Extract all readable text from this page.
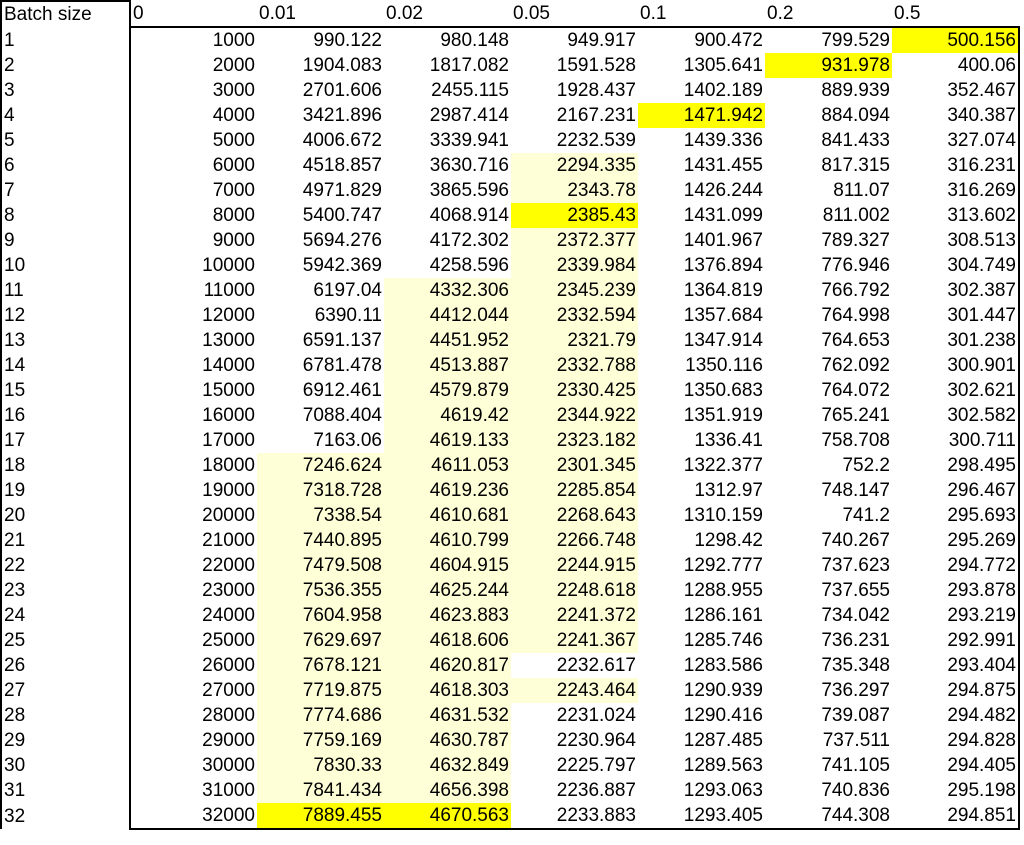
Batch size	0	0.01	0.02	0.05	0.1	0.2	0.5
1	1000	990.122	980.148	949.917	900.472	799.529	500.156
2	2000	1904.083	1817.082	1591.528	1305.641	931.978	400.06
3	3000	2701.606	2455.115	1928.437	1402.189	889.939	352.467
4	4000	3421.896	2987.414	2167.231	1471.942	884.094	340.387
5	5000	4006.672	3339.941	2232.539	1439.336	841.433	327.074
6	6000	4518.857	3630.716	2294.335	1431.455	817.315	316.231
7	7000	4971.829	3865.596	2343.78	1426.244	811.07	316.269
8	8000	5400.747	4068.914	2385.43	1431.099	811.002	313.602
9	9000	5694.276	4172.302	2372.377	1401.967	789.327	308.513
10	10000	5942.369	4258.596	2339.984	1376.894	776.946	304.749
11	11000	6197.04	4332.306	2345.239	1364.819	766.792	302.387
12	12000	6390.11	4412.044	2332.594	1357.684	764.998	301.447
13	13000	6591.137	4451.952	2321.79	1347.914	764.653	301.238
14	14000	6781.478	4513.887	2332.788	1350.116	762.092	300.901
15	15000	6912.461	4579.879	2330.425	1350.683	764.072	302.621
16	16000	7088.404	4619.42	2344.922	1351.919	765.241	302.582
17	17000	7163.06	4619.133	2323.182	1336.41	758.708	300.711
18	18000	7246.624	4611.053	2301.345	1322.377	752.2	298.495
19	19000	7318.728	4619.236	2285.854	1312.97	748.147	296.467
20	20000	7338.54	4610.681	2268.643	1310.159	741.2	295.693
21	21000	7440.895	4610.799	2266.748	1298.42	740.267	295.269
22	22000	7479.508	4604.915	2244.915	1292.777	737.623	294.772
23	23000	7536.355	4625.244	2248.618	1288.955	737.655	293.878
24	24000	7604.958	4623.883	2241.372	1286.161	734.042	293.219
25	25000	7629.697	4618.606	2241.367	1285.746	736.231	292.991
26	26000	7678.121	4620.817	2232.617	1283.586	735.348	293.404
27	27000	7719.875	4618.303	2243.464	1290.939	736.297	294.875
28	28000	7774.686	4631.532	2231.024	1290.416	739.087	294.482
29	29000	7759.169	4630.787	2230.964	1287.485	737.511	294.828
30	30000	7830.33	4632.849	2225.797	1289.563	741.105	294.405
31	31000	7841.434	4656.398	2236.887	1293.063	740.836	295.198
32	32000	7889.455	4670.563	2233.883	1293.405	744.308	294.851
